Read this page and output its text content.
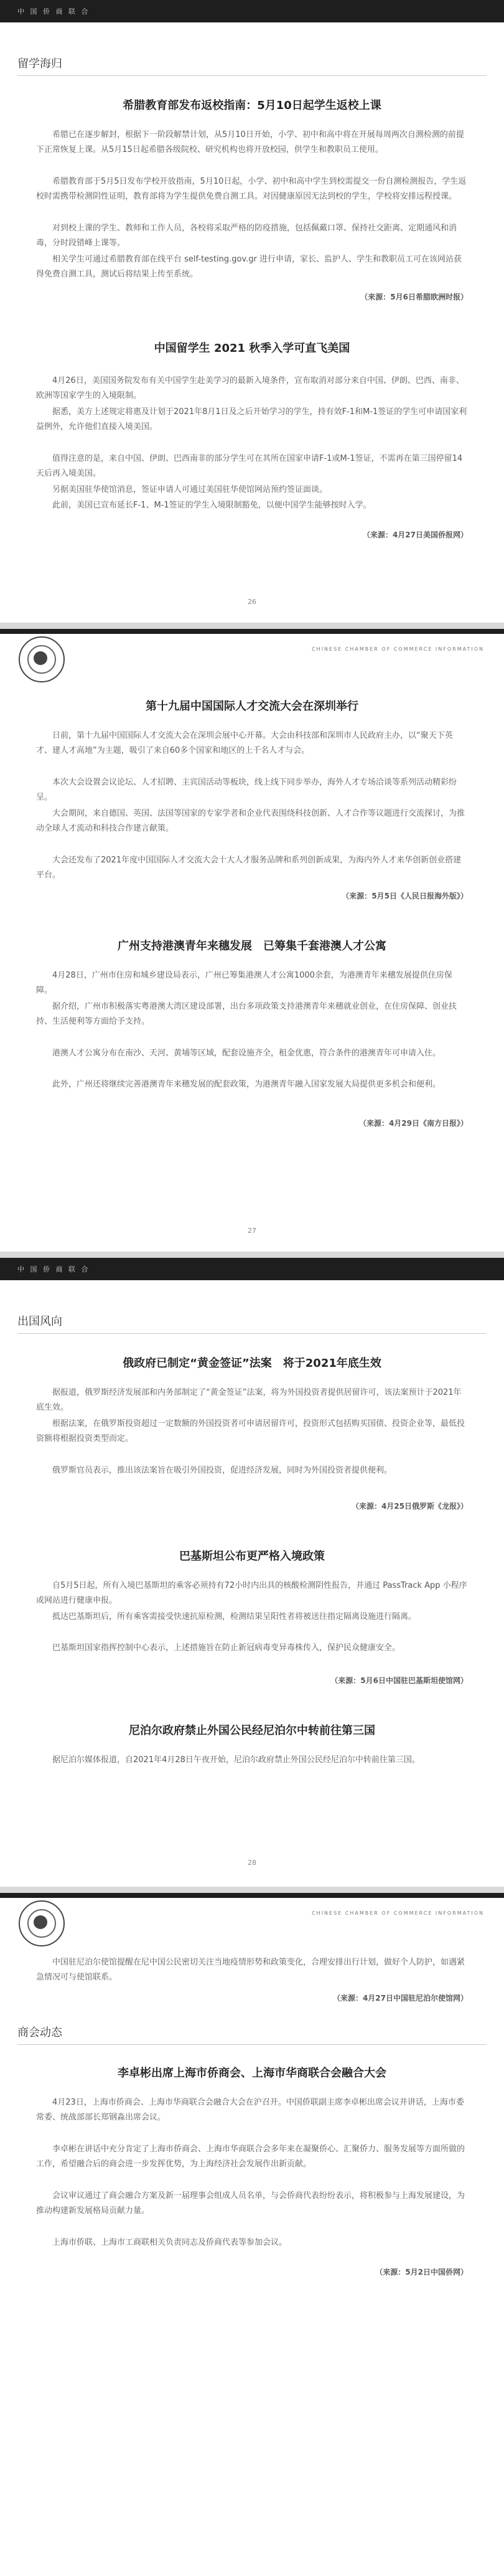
中 国 侨 商 联 合
留学海归
希腊教育部发布返校指南：5月10日起学生返校上课
希腊已在逐步解封，根据下一阶段解禁计划，从5月10日开始，小学、初中和高中将在开展每周两次自测检测的前提下正常恢复上课。从5月15日起希腊各级院校、研究机构也将开放校园，供学生和教职员工使用。
希腊教育部于5月5日发布学校开放指南，5月10日起，小学、初中和高中学生到校需提交一份自测检测报告，学生返校时需携带检测阴性证明，教育部将为学生提供免费自测工具。对因健康原因无法到校的学生，学校将安排远程授课。
对到校上课的学生、教师和工作人员，各校将采取严格的防疫措施，包括佩戴口罩、保持社交距离、定期通风和消毒，分时段错峰上课等。
相关学生可通过希腊教育部在线平台 self-testing.gov.gr 进行申请，家长、监护人、学生和教职员工可在该网站获得免费自测工具，测试后将结果上传至系统。
（来源：5月6日希腊欧洲时报）
中国留学生 2021 秋季入学可直飞美国
4月26日，美国国务院发布有关中国学生赴美学习的最新入境条件，宣布取消对部分来自中国、伊朗、巴西、南非、欧洲等国家学生的入境限制。
据悉，美方上述规定将惠及计划于2021年8月1日及之后开始学习的学生，持有效F-1和M-1签证的学生可申请国家利益例外，允许他们直接入境美国。
值得注意的是，来自中国、伊朗、巴西南非的部分学生可在其所在国家申请F-1或M-1签证，不需再在第三国停留14天后再入境美国。
另据美国驻华使馆消息，签证申请人可通过美国驻华使馆网站预约签证面谈。
此前，美国已宣布延长F-1、M-1签证的学生入境限制豁免，以便中国学生能够按时入学。
（来源：4月27日美国侨报网）
26
CHINESE CHAMBER OF COMMERCE INFORMATION
第十九届中国国际人才交流大会在深圳举行
日前，第十九届中国国际人才交流大会在深圳会展中心开幕。大会由科技部和深圳市人民政府主办，以“聚天下英才、建人才高地”为主题，吸引了来自60多个国家和地区的上千名人才与会。
本次大会设置会议论坛、人才招聘、主宾国活动等板块，线上线下同步举办，海外人才专场洽谈等系列活动精彩纷呈。
大会期间，来自德国、英国、法国等国家的专家学者和企业代表围绕科技创新、人才合作等议题进行交流探讨，为推动全球人才流动和科技合作建言献策。
大会还发布了2021年度中国国际人才交流大会十大人才服务品牌和系列创新成果，为海内外人才来华创新创业搭建平台。
（来源：5月5日《人民日报海外版》）
广州支持港澳青年来穗发展　已筹集千套港澳人才公寓
4月28日，广州市住房和城乡建设局表示，广州已筹集港澳人才公寓1000余套，为港澳青年来穗发展提供住房保障。
据介绍，广州市积极落实粤港澳大湾区建设部署，出台多项政策支持港澳青年来穗就业创业，在住房保障、创业扶持、生活便利等方面给予支持。
港澳人才公寓分布在南沙、天河、黄埔等区域，配套设施齐全，租金优惠，符合条件的港澳青年可申请入住。
此外，广州还将继续完善港澳青年来穗发展的配套政策，为港澳青年融入国家发展大局提供更多机会和便利。
（来源：4月29日《南方日报》）
27
中 国 侨 商 联 合
出国风向
俄政府已制定“黄金签证”法案　将于2021年底生效
据报道，俄罗斯经济发展部和内务部制定了“黄金签证”法案，将为外国投资者提供居留许可，该法案预计于2021年底生效。
根据法案，在俄罗斯投资超过一定数额的外国投资者可申请居留许可，投资形式包括购买国债、投资企业等，最低投资额将根据投资类型而定。
俄罗斯官员表示，推出该法案旨在吸引外国投资，促进经济发展，同时为外国投资者提供便利。
（来源：4月25日俄罗斯《龙报》）
巴基斯坦公布更严格入境政策
自5月5日起，所有入境巴基斯坦的乘客必须持有72小时内出具的核酸检测阴性报告，并通过 PassTrack App 小程序或网站进行健康申报。
抵达巴基斯坦后，所有乘客需接受快速抗原检测，检测结果呈阳性者将被送往指定隔离设施进行隔离。
巴基斯坦国家指挥控制中心表示，上述措施旨在防止新冠病毒变异毒株传入，保护民众健康安全。
（来源：5月6日中国驻巴基斯坦使馆网）
尼泊尔政府禁止外国公民经尼泊尔中转前往第三国
据尼泊尔媒体报道，自2021年4月28日午夜开始，尼泊尔政府禁止外国公民经尼泊尔中转前往第三国。
28
CHINESE CHAMBER OF COMMERCE INFORMATION
中国驻尼泊尔使馆提醒在尼中国公民密切关注当地疫情形势和政策变化，合理安排出行计划，做好个人防护，如遇紧急情况可与使馆联系。
（来源：4月27日中国驻尼泊尔使馆网）
商会动态
李卓彬出席上海市侨商会、上海市华商联合会融合大会
4月23日，上海市侨商会、上海市华商联合会融合大会在沪召开。中国侨联副主席李卓彬出席会议并讲话，上海市委常委、统战部部长郑钢淼出席会议。
李卓彬在讲话中充分肯定了上海市侨商会、上海市华商联合会多年来在凝聚侨心、汇聚侨力、服务发展等方面所做的工作，希望融合后的商会进一步发挥优势，为上海经济社会发展作出新贡献。
会议审议通过了商会融合方案及新一届理事会组成人员名单，与会侨商代表纷纷表示，将积极参与上海发展建设，为推动构建新发展格局贡献力量。
上海市侨联、上海市工商联相关负责同志及侨商代表等参加会议。
（来源：5月2日中国侨网）
